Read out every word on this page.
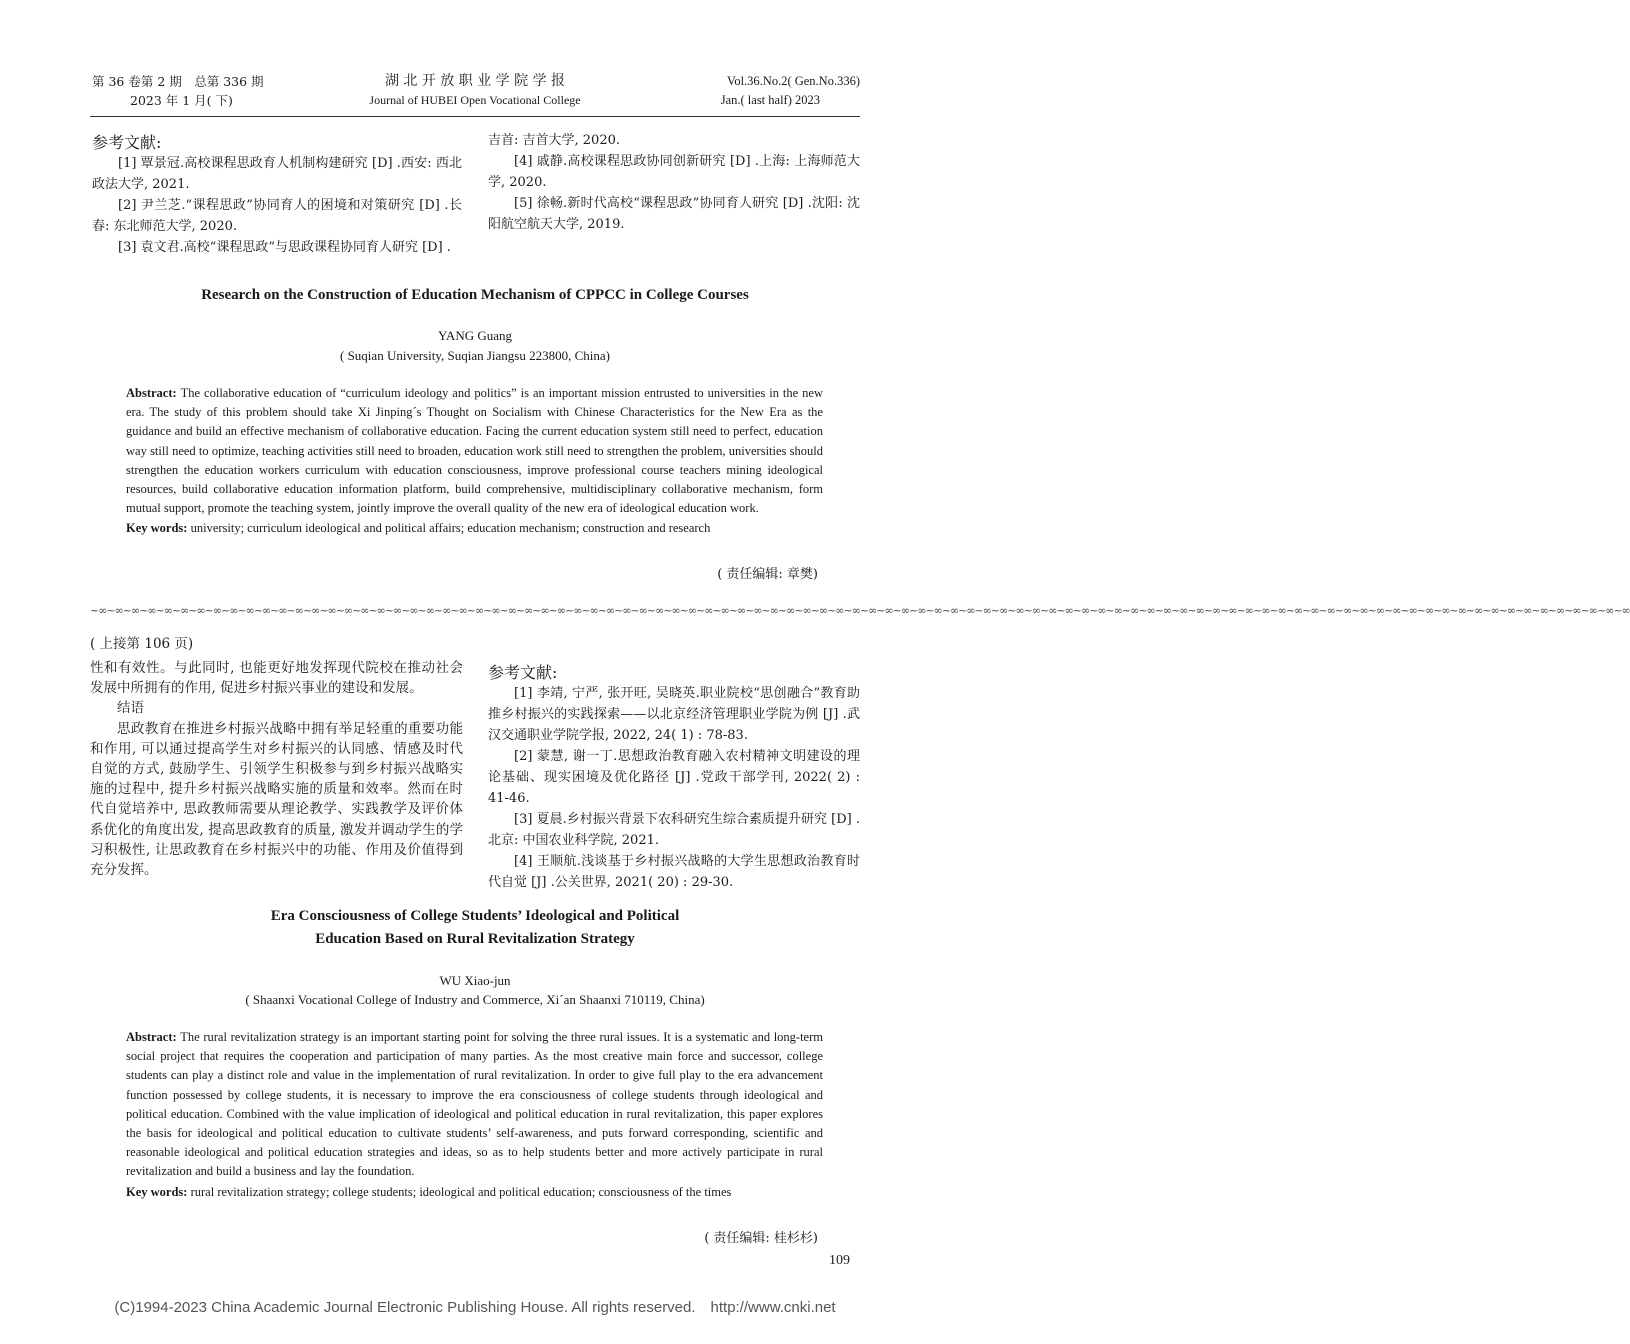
第 36 卷第 2 期　总第 336 期
2023 年 1 月( 下)
湖 北 开 放 职 业 学 院 学 报
Journal of HUBEI Open Vocational College
Vol.36.No.2( Gen.No.336)
Jan.( last half) 2023
参考文献:

[1] 覃景冠.高校课程思政育人机制构建研究 [D] .西安: 西北政法大学, 2021.

[2] 尹兰芝.“课程思政”协同育人的困境和对策研究 [D] .长春: 东北师范大学, 2020.

[3] 袁文君.高校“课程思政”与思政课程协同育人研究 [D] .

吉首: 吉首大学, 2020.

[4] 戚静.高校课程思政协同创新研究 [D] .上海: 上海师范大学, 2020.

[5] 徐畅.新时代高校“课程思政”协同育人研究 [D] .沈阳: 沈阳航空航天大学, 2019.

Research on the Construction of Education Mechanism of CPPCC in College Courses
YANG Guang
( Suqian University, Suqian Jiangsu 223800, China)

Abstract: The collaborative education of “curriculum ideology and politics” is an important mission entrusted to universities in the new era. The study of this problem should take Xi Jinping´s Thought on Socialism with Chinese Characteristics for the New Era as the guidance and build an effective mechanism of collaborative education. Facing the current education system still need to perfect, education way still need to optimize, teaching activities still need to broaden, education work still need to strengthen the problem, universities should strengthen the education workers curriculum with education consciousness, improve professional course teachers mining ideological resources, build collaborative education information platform, build comprehensive, multidisciplinary collaborative mechanism, form mutual support, promote the teaching system, jointly improve the overall quality of the new era of ideological education work.

Key words: university; curriculum ideological and political affairs; education mechanism; construction and research

( 责任编辑: 章樊)
~∞~∞~∞~∞~∞~∞~∞~∞~∞~∞~∞~∞~∞~∞~∞~∞~∞~∞~∞~∞~∞~∞~∞~∞~∞~∞~∞~∞~∞~∞~∞~∞~∞~∞~∞~∞~∞~∞~∞~∞~∞~∞~∞~∞~∞~∞~∞~∞~∞~∞~∞~∞~∞~∞~∞~∞~∞~∞~∞~∞~∞~∞~∞~∞~∞~∞~∞~∞~∞~∞~∞~∞~∞~∞~∞~∞~∞~∞~∞~∞~∞~∞~∞~∞~∞~∞~∞~∞~∞~∞~∞~∞~∞~∞
( 上接第 106 页)

性和有效性。与此同时, 也能更好地发挥现代院校在推动社会发展中所拥有的作用, 促进乡村振兴事业的建设和发展。

结语

思政教育在推进乡村振兴战略中拥有举足轻重的重要功能和作用, 可以通过提高学生对乡村振兴的认同感、情感及时代自觉的方式, 鼓励学生、引领学生积极参与到乡村振兴战略实施的过程中, 提升乡村振兴战略实施的质量和效率。然而在时代自觉培养中, 思政教师需要从理论教学、实践教学及评价体系优化的角度出发, 提高思政教育的质量, 激发并调动学生的学习积极性, 让思政教育在乡村振兴中的功能、作用及价值得到充分发挥。

参考文献:

[1] 李靖, 宁严, 张开旺, 吴晓英.职业院校“思创融合”教育助推乡村振兴的实践探索——以北京经济管理职业学院为例 [J] .武汉交通职业学院学报, 2022, 24( 1) : 78-83.

[2] 蒙慧, 谢一丁.思想政治教育融入农村精神文明建设的理论基础、现实困境及优化路径 [J] .党政干部学刊, 2022( 2) : 41-46.

[3] 夏晨.乡村振兴背景下农科研究生综合素质提升研究 [D] .北京: 中国农业科学院, 2021.

[4] 王顺航.浅谈基于乡村振兴战略的大学生思想政治教育时代自觉 [J] .公关世界, 2021( 20) : 29-30.

Era Consciousness of College Students’ Ideological and Political
Education Based on Rural Revitalization Strategy
WU Xiao-jun
( Shaanxi Vocational College of Industry and Commerce, Xi´an Shaanxi 710119, China)

Abstract: The rural revitalization strategy is an important starting point for solving the three rural issues. It is a systematic and long-term social project that requires the cooperation and participation of many parties. As the most creative main force and successor, college students can play a distinct role and value in the implementation of rural revitalization. In order to give full play to the era advancement function possessed by college students, it is necessary to improve the era consciousness of college students through ideological and political education. Combined with the value implication of ideological and political education in rural revitalization, this paper explores the basis for ideological and political education to cultivate students’ self-awareness, and puts forward corresponding, scientific and reasonable ideological and political education strategies and ideas, so as to help students better and more actively participate in rural revitalization and build a business and lay the foundation.

Key words: rural revitalization strategy; college students; ideological and political education; consciousness of the times

( 责任编辑: 桂杉杉)
109
(C)1994-2023 China Academic Journal Electronic Publishing House. All rights reserved.　http://www.cnki.net
